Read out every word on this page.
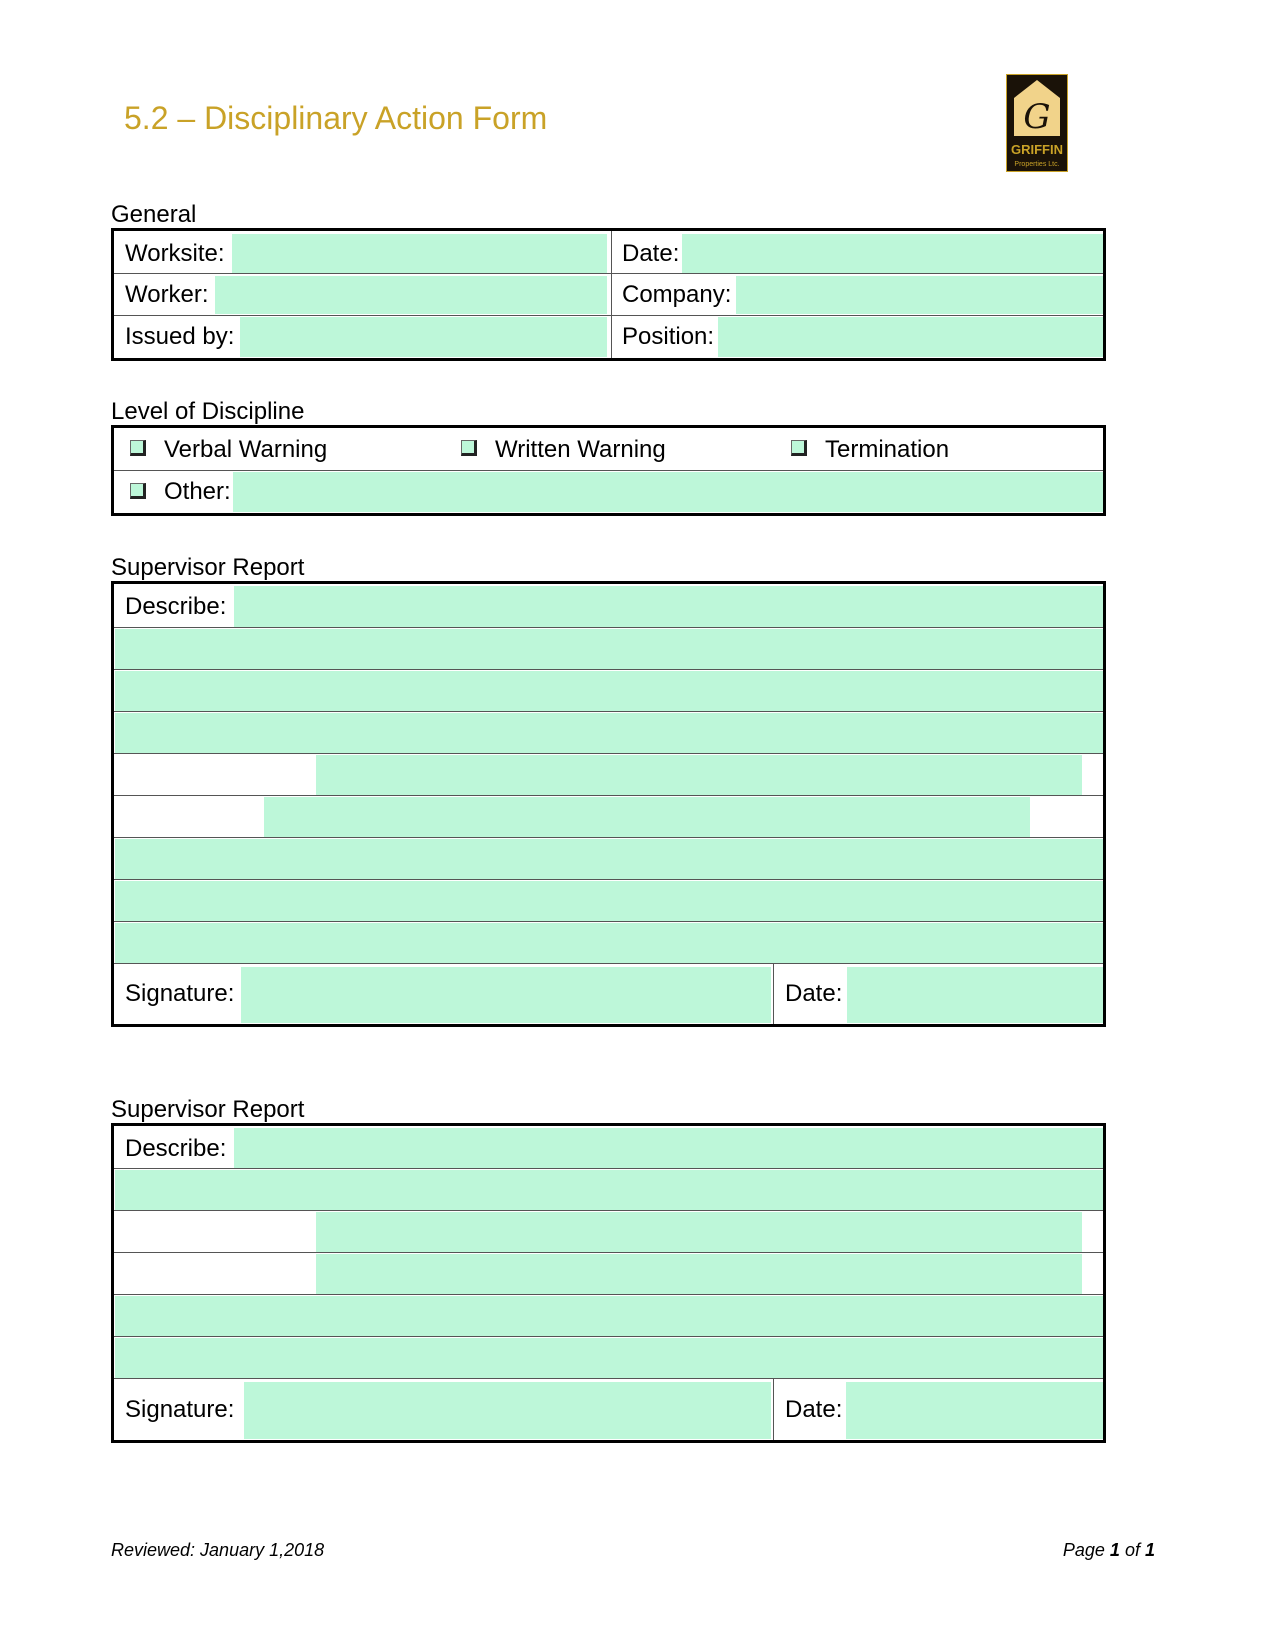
5.2 – Disciplinary Action Form	G
GRIFFIN
Properties Ltc.
General
Worksite:	Date:
Worker:	Company:
Issued by:	Position:
Level of Discipline
Verbal Warning	Written Warning	Termination
Other:
Supervisor Report
Describe:
Signature:	Date:
Supervisor Report
Describe:
Signature:	Date:
Reviewed: January 1,2018	Page 1 of 1
